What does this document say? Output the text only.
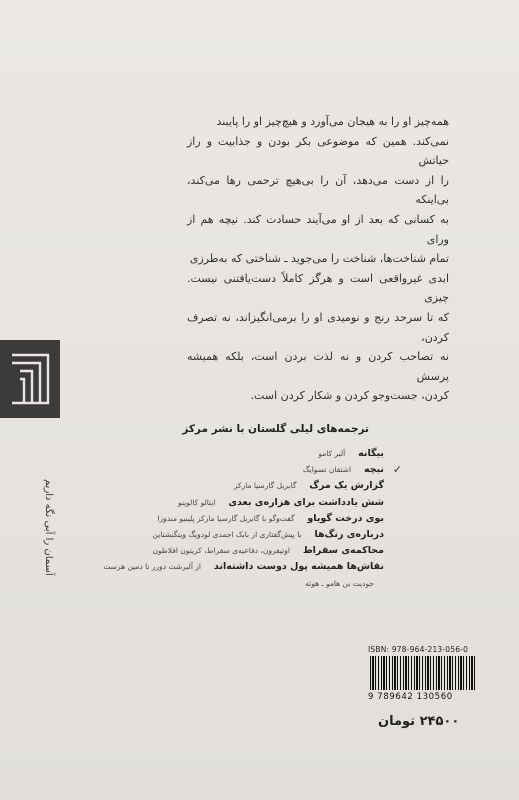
همه‌چیز او را به هیجان می‌آورد و هیچ‌چیز او را پایبند

نمی‌کند. همین که موضوعی بکر بودن و جذابیت و راز حیاتش

را از دست می‌دهد، آن را بی‌هیچ ترحمی رها می‌کند، بی‌اینکه

به کسانی که بعد از او می‌آیند حسادت کند. نیچه هم از ورای

تمام شناخت‌ها، شناخت را می‌جوید ـ شناختی که به‌طرزی

ابدی غیرواقعی است و هرگز کاملاً دست‌یافتنی نیست. چیزی

که تا سرحد رنج و نومیدی او را برمی‌انگیزاند، نه تصرف کردن،

نه تصاحب کردن و نه لذت بردن است، بلکه همیشه پرسش

کردن، جست‌وجو کردن و شکار کردن است.

آسمان را آبی نگه داریم
ترجمه‌های لیلی گلستان با نشر مرکز
بیگانه آلبر کامو
✓
نیچه اشتفان تسوایگ
گزارش یک مرگ گابریل گارسیا مارکز
شش یادداشت برای هزاره‌ی بعدی ایتالو کالوینو
بوی درخت گویاو گفت‌وگو با گابریل گارسیا مارکز پلینیو مندوزا
درباره‌ی رنگ‌ها با پیش‌گفتاری از بابک احمدی لودویگ ویتگنشتاین
محاکمه‌ی سقراط اوتیفرون، دفاعیه‌ی سقراط، کریتون افلاطون
نقاش‌ها همیشه پول دوست داشته‌اند از آلبرشت دورر تا دمین هرست
جودیت بن هامو ـ هوئه
ISBN: 978-964-213-056-0
9 789642 130560
۲۴۵۰۰ تومان
